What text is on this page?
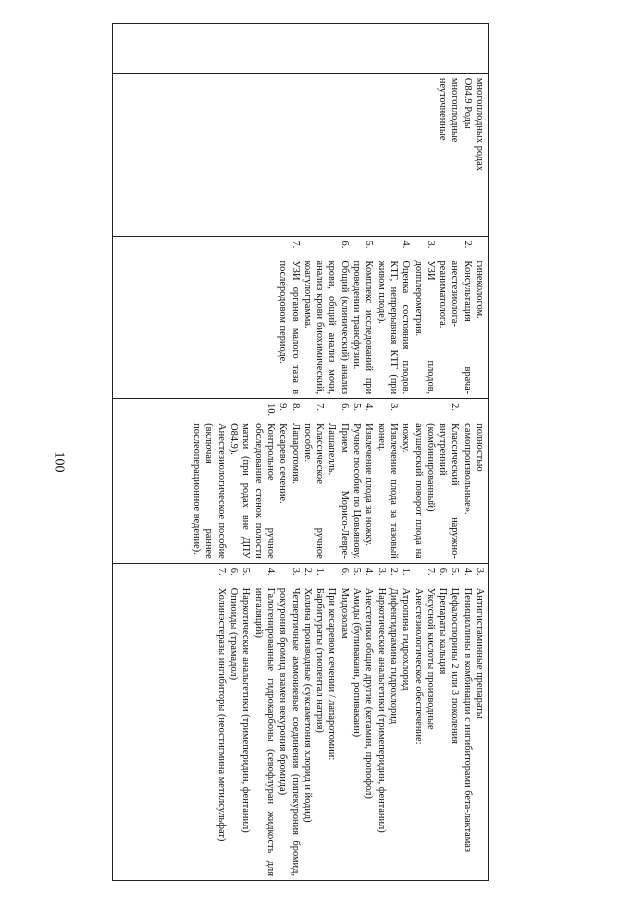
100
многоплодных родах
O84.9 Роды
многоплодные
неуточненные
гинекологом.
2.
Консультация врача-анестезиолога-реаниматолога.
3.
УЗИ плодов, допплерометрия.
4.
Оценка состояния плодов. КТГ, непрерывная КТГ (при живом плоде).
5.
Комплекс исследований при проведении трансфузии.
6.
Общий (клинический) анализ крови, общий анализ мочи, анализ крови биохимический, коагулограмма.
7.
УЗИ органов малого таза в послеродовом периоде.
полностью самопроизвольные».
2.
Классический наружно-внутренний (комбинированный) акушерский поворот плода на ножку.
3.
Извлечение плода за тазовый конец.
4.
Извлечение плода за ножку.
5.
Ручное пособие по Цовьянову.
6.
Прием Морисо-Левре-Лашапелль.
7.
Классическое ручное пособие.
8.
Лапаротомия.
9.
Кесарево сечение.
10.
Контрольное ручное обследование стенок полости матки (при родах вне ДПУ O84.9).
Анестезиологическое пособие (включая раннее послеоперационное ведение).
3.
Антигистаминные препараты
4.
Пенициллины в комбинации с ингибиторами бета-лактамаз
5.
Цефалоспорины 2 или 3 поколения
6.
Препараты кальция
7.
Уксусной кислоты производные
Анестезиологическое обеспечение:
1.
Атропина гидрохлорид
2.
Дифенгидрамина гидрохлорид
3.
Наркотические анальгетики (тримеперидин, фентанил)
4.
Анестетики общие другие (кетамин, пропофол)
5.
Амиды (бупивакаин, ропивакаин)
6.
Мидозолам
При кесаревом сечении / лапаротомии:
1.
Барбитураты (тиопентал натрия)
2.
Холина производные (суксаметония хлорид и йодид)
3.
Четвертичные аммониевые соединения (пипекурония бромид, рокурония бромид взамен векурония бромида)
4.
Галогенированные гидрокарбоны (севофлуран жидкость для ингаляций)
5.
Наркотические анальгетики (тримеперидин, фентанил)
6.
Опиоиды (трамадол)
7.
Холинэстеразы ингибиторы (неостигмина метилсульфат)
